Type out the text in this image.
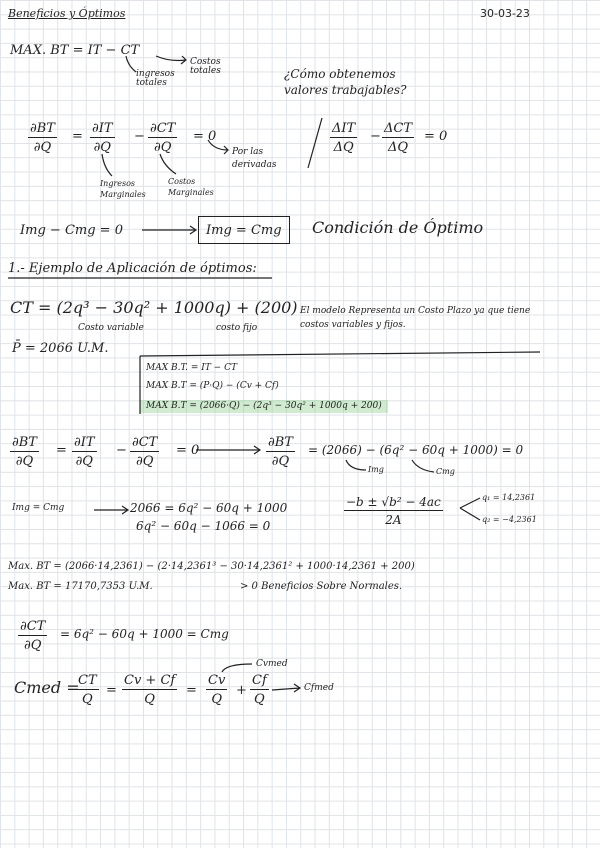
Beneficios y Óptimos	30-03-23
MAX. BT = IT − CT
Costos totales
ingresos totales
¿Cómo obtenemos valores trabajables?
$\frac{\partial BT}{\partial Q} = \frac{\partial IT}{\partial Q} - \frac{\partial CT}{\partial Q} = 0$
Por las derivadas
Ingresos Marginales
Costos Marginales
ΔIT
ΔQ
−
ΔCT
ΔQ
= 0
Img − Cmg = 0	Img = Cmg Condición de Óptimo
1.- Ejemplo de Aplicación de óptimos:
CT = (2q³ − 30q² + 1000q) + (200)
Costo variable	costo fijo
El modelo Representa un Costo Plazo ya que tiene costos variables y fijos.
P̄ = 2066 U.M.
MAX B.T. = IT − CT
MAX B.T = (P·Q) − (Cv + Cf)
MAX B.T = (2066·Q) − (2q³ − 30q² + 1000q + 200)
$\frac{\partial BT}{\partial Q} = \frac{\partial IT}{\partial Q} - \frac{\partial CT}{\partial Q} = 0$	$\frac{\partial BT}{\partial Q} = (2066) - (6q^2 - 60q + 1000) = 0$
Img	Cmg
Img = Cmg	2066 = 6q² − 60q + 1000
6q² − 60q − 1066 = 0	$\frac{\text{−b ± √b² − 4ac}}{2A}$	q₁ = 14,2361
q₂ = −4,2361
Max. BT = (2066·14,2361) − (2·14,2361³ − 30·14,2361² + 1000·14,2361 + 200)
Max. BT = 17170,7353 U.M.	> 0 Beneficios Sobre Normales.
$\frac{\partial CT}{\partial Q} = 6q^2 - 60q + 1000$ = Cmg
Cmed =
$\frac{CT}{Q} = \frac{Cv + Cf}{Q} = \frac{Cv}{Q} + \frac{Cf}{Q}$
Cvmed
Cfmed
